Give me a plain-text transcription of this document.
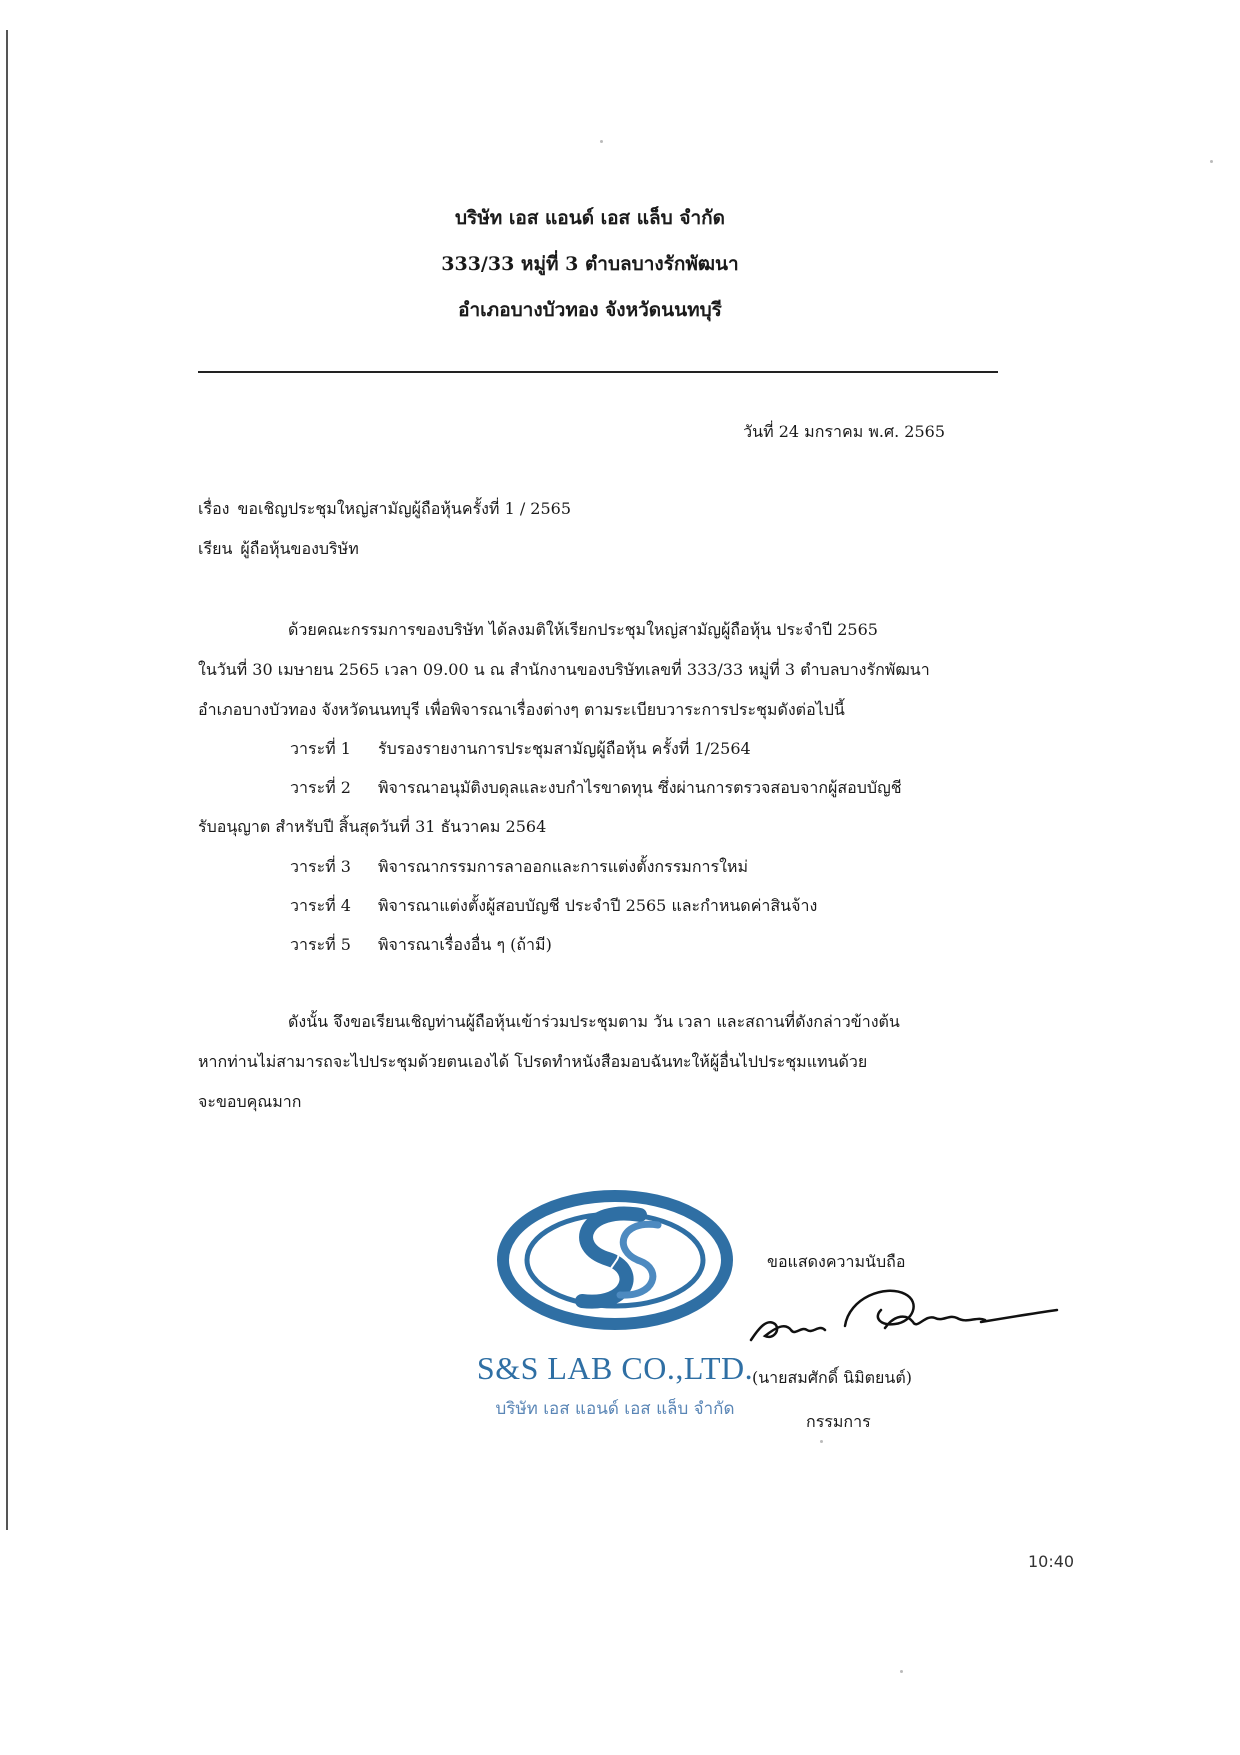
บริษัท เอส แอนด์ เอส แล็บ จำกัด
333/33 หมู่ที่ 3 ตำบลบางรักพัฒนา
อำเภอบางบัวทอง จังหวัดนนทบุรี
วันที่ 24 มกราคม พ.ศ. 2565
เรื่อง ขอเชิญประชุมใหญ่สามัญผู้ถือหุ้นครั้งที่ 1 / 2565
เรียน ผู้ถือหุ้นของบริษัท
ด้วยคณะกรรมการของบริษัท ได้ลงมติให้เรียกประชุมใหญ่สามัญผู้ถือหุ้น ประจำปี 2565
ในวันที่ 30 เมษายน 2565 เวลา 09.00 น ณ สำนักงานของบริษัทเลขที่ 333/33 หมู่ที่ 3 ตำบลบางรักพัฒนา
อำเภอบางบัวทอง จังหวัดนนทบุรี เพื่อพิจารณาเรื่องต่างๆ ตามระเบียบวาระการประชุมดังต่อไปนี้
วาระที่ 1 รับรองรายงานการประชุมสามัญผู้ถือหุ้น ครั้งที่ 1/2564
วาระที่ 2 พิจารณาอนุมัติงบดุลและงบกำไรขาดทุน ซึ่งผ่านการตรวจสอบจากผู้สอบบัญชี
รับอนุญาต สำหรับปี สิ้นสุดวันที่ 31 ธันวาคม 2564
วาระที่ 3 พิจารณากรรมการลาออกและการแต่งตั้งกรรมการใหม่
วาระที่ 4 พิจารณาแต่งตั้งผู้สอบบัญชี ประจำปี 2565 และกำหนดค่าสินจ้าง
วาระที่ 5 พิจารณาเรื่องอื่น ๆ (ถ้ามี)
ดังนั้น จึงขอเรียนเชิญท่านผู้ถือหุ้นเข้าร่วมประชุมตาม วัน เวลา และสถานที่ดังกล่าวข้างต้น
หากท่านไม่สามารถจะไปประชุมด้วยตนเองได้ โปรดทำหนังสือมอบฉันทะให้ผู้อื่นไปประชุมแทนด้วย
จะขอบคุณมาก
S&S LAB CO.,LTD.
บริษัท เอส แอนด์ เอส แล็บ จำกัด
ขอแสดงความนับถือ
(นายสมศักดิ์ นิมิตยนต์)
กรรมการ
10:40
